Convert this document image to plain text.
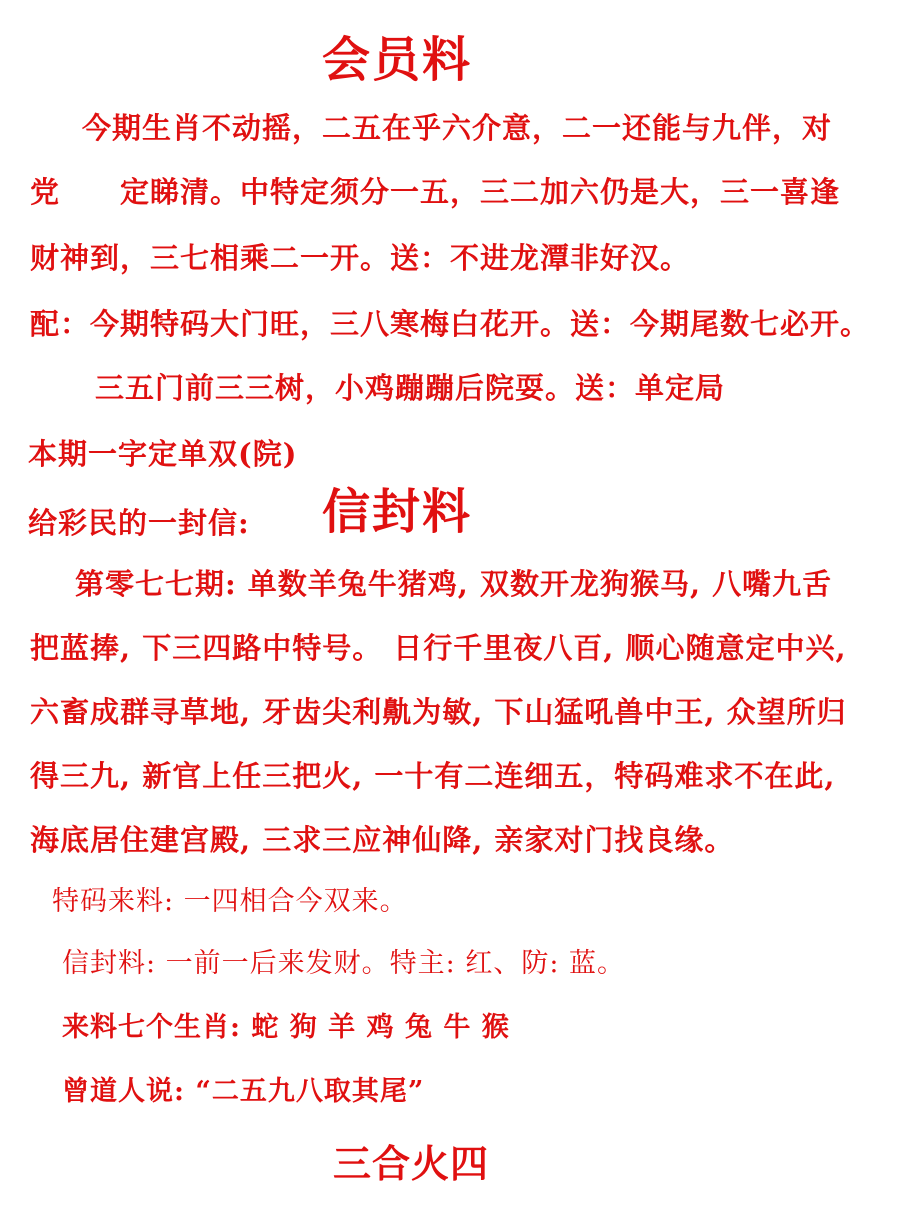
会员料
今期生肖不动摇，二五在乎六介意，二一还能与九伴，对
党　　定睇清。中特定须分一五，三二加六仍是大，三一喜逢
财神到，三七相乘二一开。送：不进龙潭非好汉。
配：今期特码大门旺，三八寒梅白花开。送：今期尾数七必开。
三五门前三三树，小鸡蹦蹦后院耍。送：单定局
本期一字定单双(院)
给彩民的一封信: 信封料
第零七七期: 单数羊兔牛猪鸡, 双数开龙狗猴马, 八嘴九舌
把蓝捧, 下三四路中特号。 日行千里夜八百, 顺心随意定中兴,
六畜成群寻草地, 牙齿尖利鼽为敏, 下山猛吼兽中王, 众望所归
得三九, 新官上任三把火, 一十有二连细五，特码难求不在此,
海底居住建宫殿, 三求三应神仙降, 亲家对门找良缘。
特码来料: 一四相合今双来。
信封料: 一前一后来发财。特主: 红、防: 蓝。
来料七个生肖: 蛇 狗 羊 鸡 兔 牛 猴
曾道人说: “二五九八取其尾”
三合火四
